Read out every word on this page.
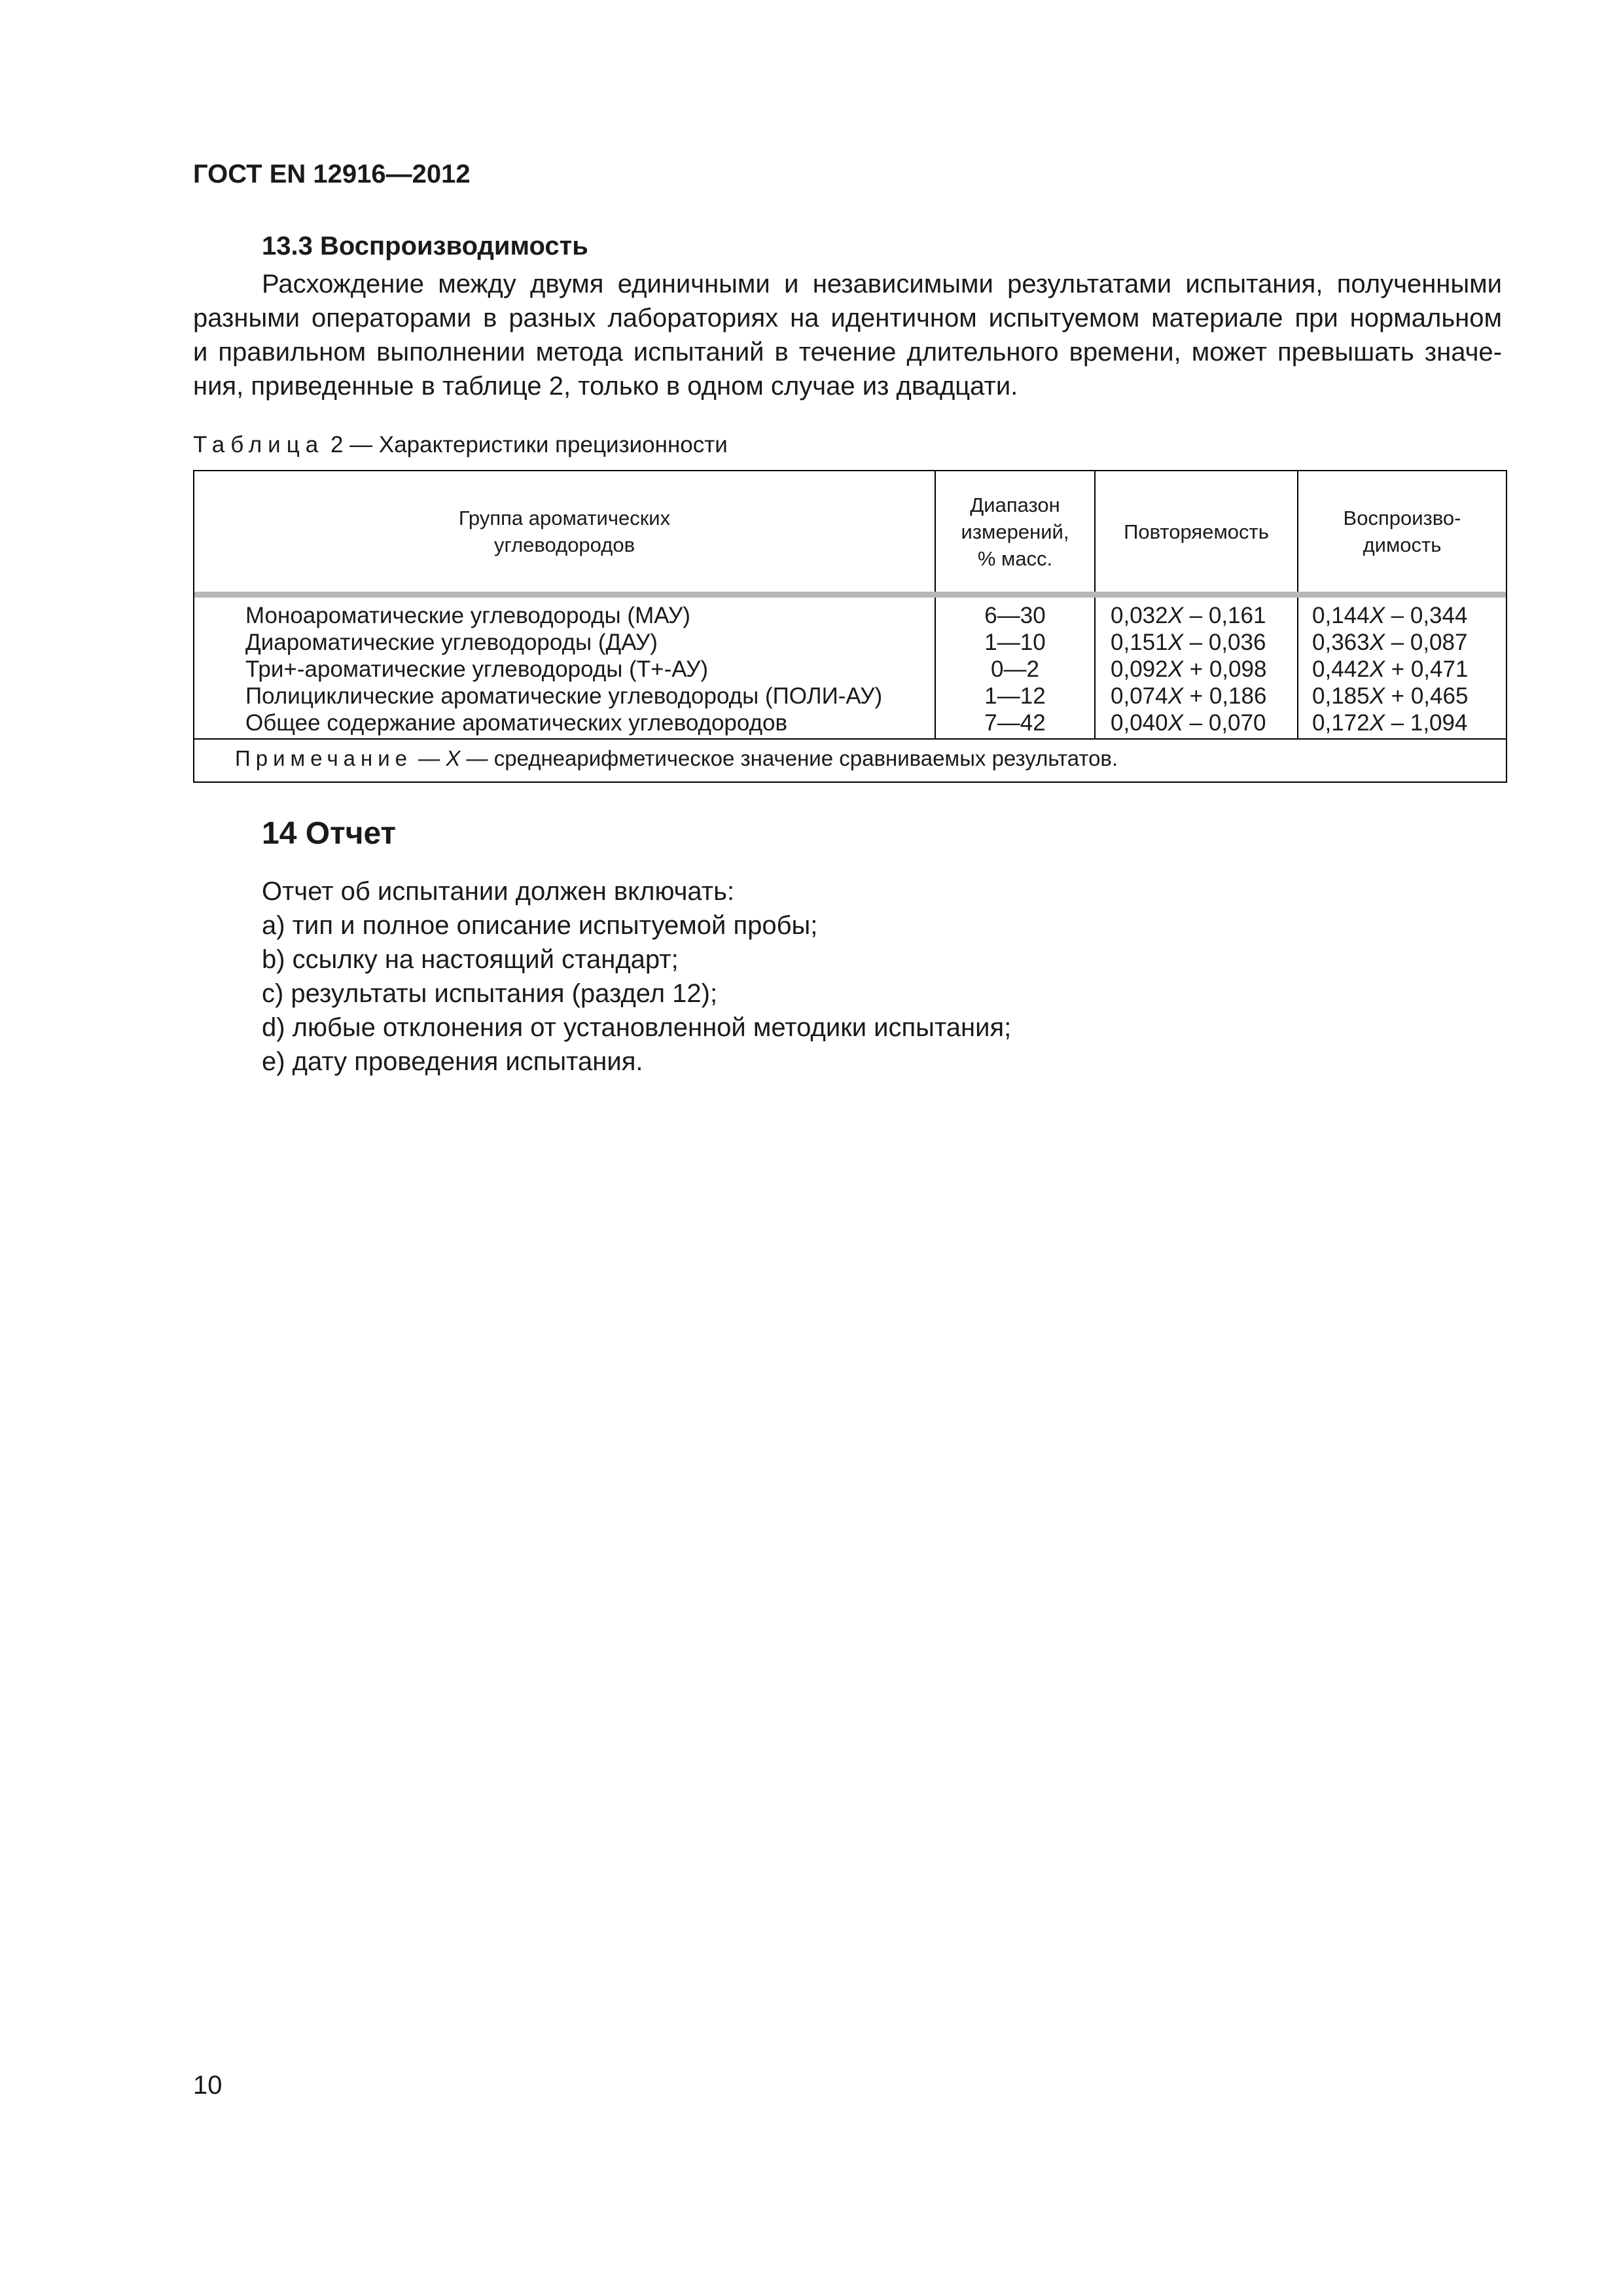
ГОСТ EN 12916—2012
13.3 Воспроизводимость
Расхождение между двумя единичными и независимыми результатами испытания, полученными
разными операторами в разных лабораториях на идентичном испытуемом материале при нормальном
и правильном выполнении метода испытаний в течение длительного времени, может превышать значе-
ния, приведенные в таблице 2, только в одном случае из двадцати.
Таблица 2 — Характеристики прецизионности
Группа ароматических углеводородов
Диапазон измерений, % масс.
Повторяемость
Воспроизво-димость
Моноароматические углеводороды (МАУ)
Диароматические углеводороды (ДАУ)
Три+-ароматические углеводороды (Т+-АУ)
Полициклические ароматические углеводороды (ПОЛИ-АУ)
Общее содержание ароматических углеводородов
6—30
1—10
0—2
1—12
7—42
0,032X – 0,161
0,151X – 0,036
0,092X + 0,098
0,074X + 0,186
0,040X – 0,070
0,144X – 0,344
0,363X – 0,087
0,442X + 0,471
0,185X + 0,465
0,172X – 1,094
Примечание — X — среднеарифметическое значение сравниваемых результатов.
14 Отчет
Отчет об испытании должен включать:
а) тип и полное описание испытуемой пробы;
b) ссылку на настоящий стандарт;
с) результаты испытания (раздел 12);
d) любые отклонения от установленной методики испытания;
е) дату проведения испытания.
10
